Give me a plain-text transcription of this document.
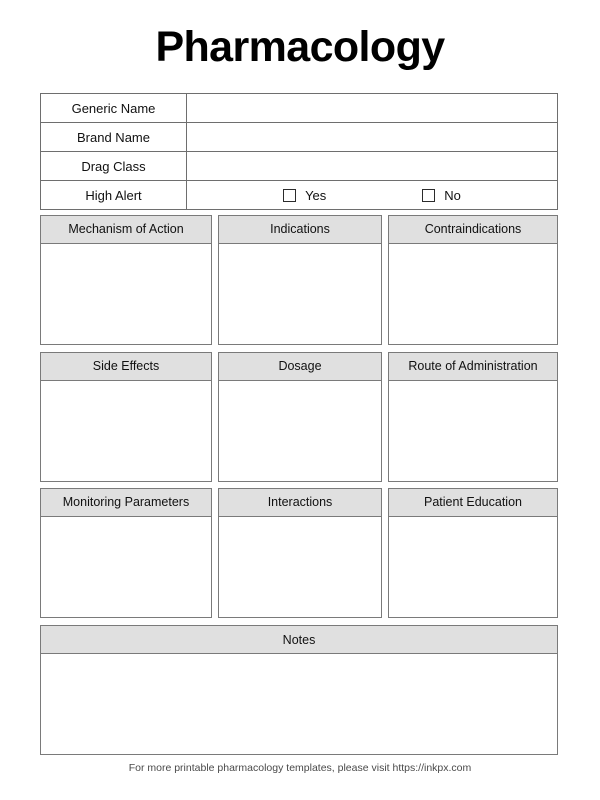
Pharmacology
Generic Name	
Brand Name	
Drag Class	
High Alert	Yes No
Mechanism of Action	Indications	Contraindications
Side Effects	Dosage	Route of Administration
Monitoring Parameters	Interactions	Patient Education
Notes
For more printable pharmacology templates, please visit https://inkpx.com
